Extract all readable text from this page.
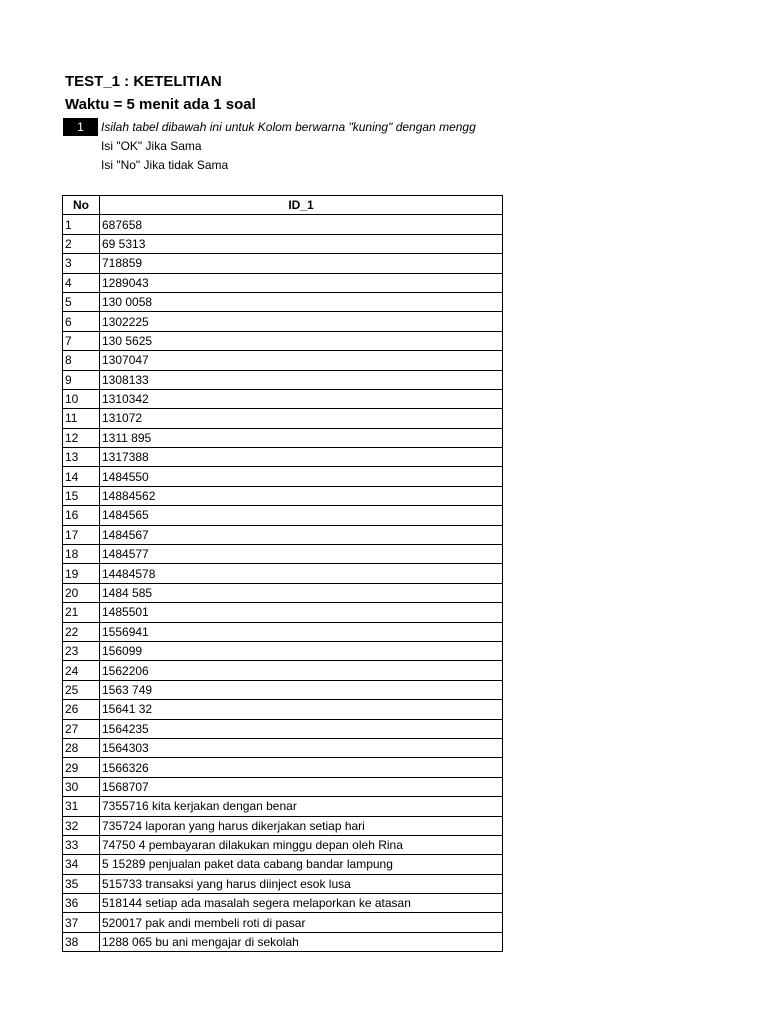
TEST_1 : KETELITIAN
Waktu = 5 menit ada 1 soal
1	Isilah tabel dibawah ini untuk Kolom berwarna "kuning" dengan mengg
Isi "OK" Jika Sama
Isi "No" Jika tidak Sama
No	ID_1
1	687658
2	69 5313
3	718859
4	1289043
5	130 0058
6	1302225
7	130 5625
8	1307047
9	1308133
10	1310342
11	131072
12	1311 895
13	1317388
14	1484550
15	14884562
16	1484565
17	1484567
18	1484577
19	14484578
20	1484 585
21	1485501
22	1556941
23	156099
24	1562206
25	1563 749
26	15641 32
27	1564235
28	1564303
29	1566326
30	1568707
31	7355716 kita kerjakan dengan benar
32	735724 laporan yang harus dikerjakan setiap hari
33	74750 4 pembayaran dilakukan minggu depan oleh Rina
34	5 15289 penjualan paket data cabang bandar lampung
35	515733 transaksi yang harus diinject esok lusa
36	518144 setiap ada masalah segera melaporkan ke atasan
37	520017 pak andi membeli roti di pasar
38	1288 065 bu ani mengajar di sekolah
